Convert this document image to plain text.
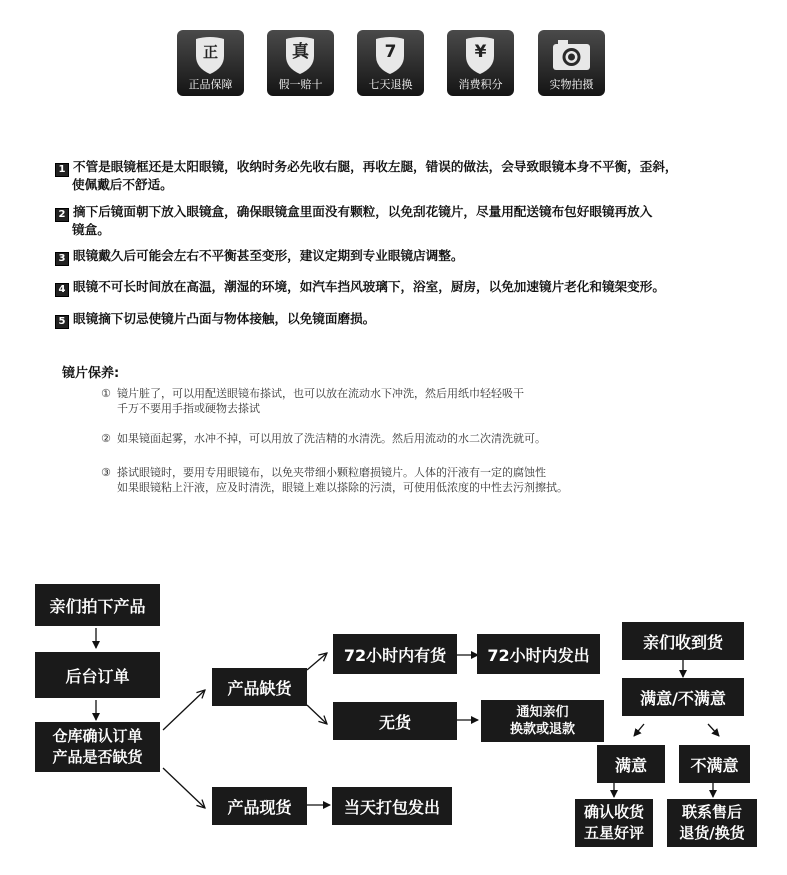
正
正品保障
真
假一赔十
7
七天退换
¥
消费积分	实物拍摄
1 不管是眼镜框还是太阳眼镜，收纳时务必先收右腿，再收左腿，错误的做法，会导致眼镜本身不平衡，歪斜，
使佩戴后不舒适。
2 摘下后镜面朝下放入眼镜盒，确保眼镜盒里面没有颗粒，以免刮花镜片，尽量用配送镜布包好眼镜再放入
镜盒。
3 眼镜戴久后可能会左右不平衡甚至变形，建议定期到专业眼镜店调整。
4 眼镜不可长时间放在高温，潮湿的环境，如汽车挡风玻璃下，浴室，厨房，以免加速镜片老化和镜架变形。
5 眼镜摘下切忌使镜片凸面与物体接触，以免镜面磨损。
镜片保养:
① 镜片脏了，可以用配送眼镜布搽试，也可以放在流动水下冲洗，然后用纸巾轻轻吸干
千万不要用手指或硬物去搽试
② 如果镜面起雾，水冲不掉，可以用放了洗洁精的水清洗。然后用流动的水二次清洗就可。
③ 搽试眼镜时，要用专用眼镜布，以免夹带细小颗粒磨损镜片。人体的汗液有一定的腐蚀性
如果眼镜粘上汗液，应及时清洗，眼镜上难以搽除的污渍，可使用低浓度的中性去污剂擦拭。
亲们拍下产品
后台订单
仓库确认订单
产品是否缺货
产品缺货
产品现货
72小时内有货	72小时内发出
无货	通知亲们
换款或退款
当天打包发出
亲们收到货
满意/不满意
满意	不满意
确认收货
五星好评
联系售后
退货/换货
